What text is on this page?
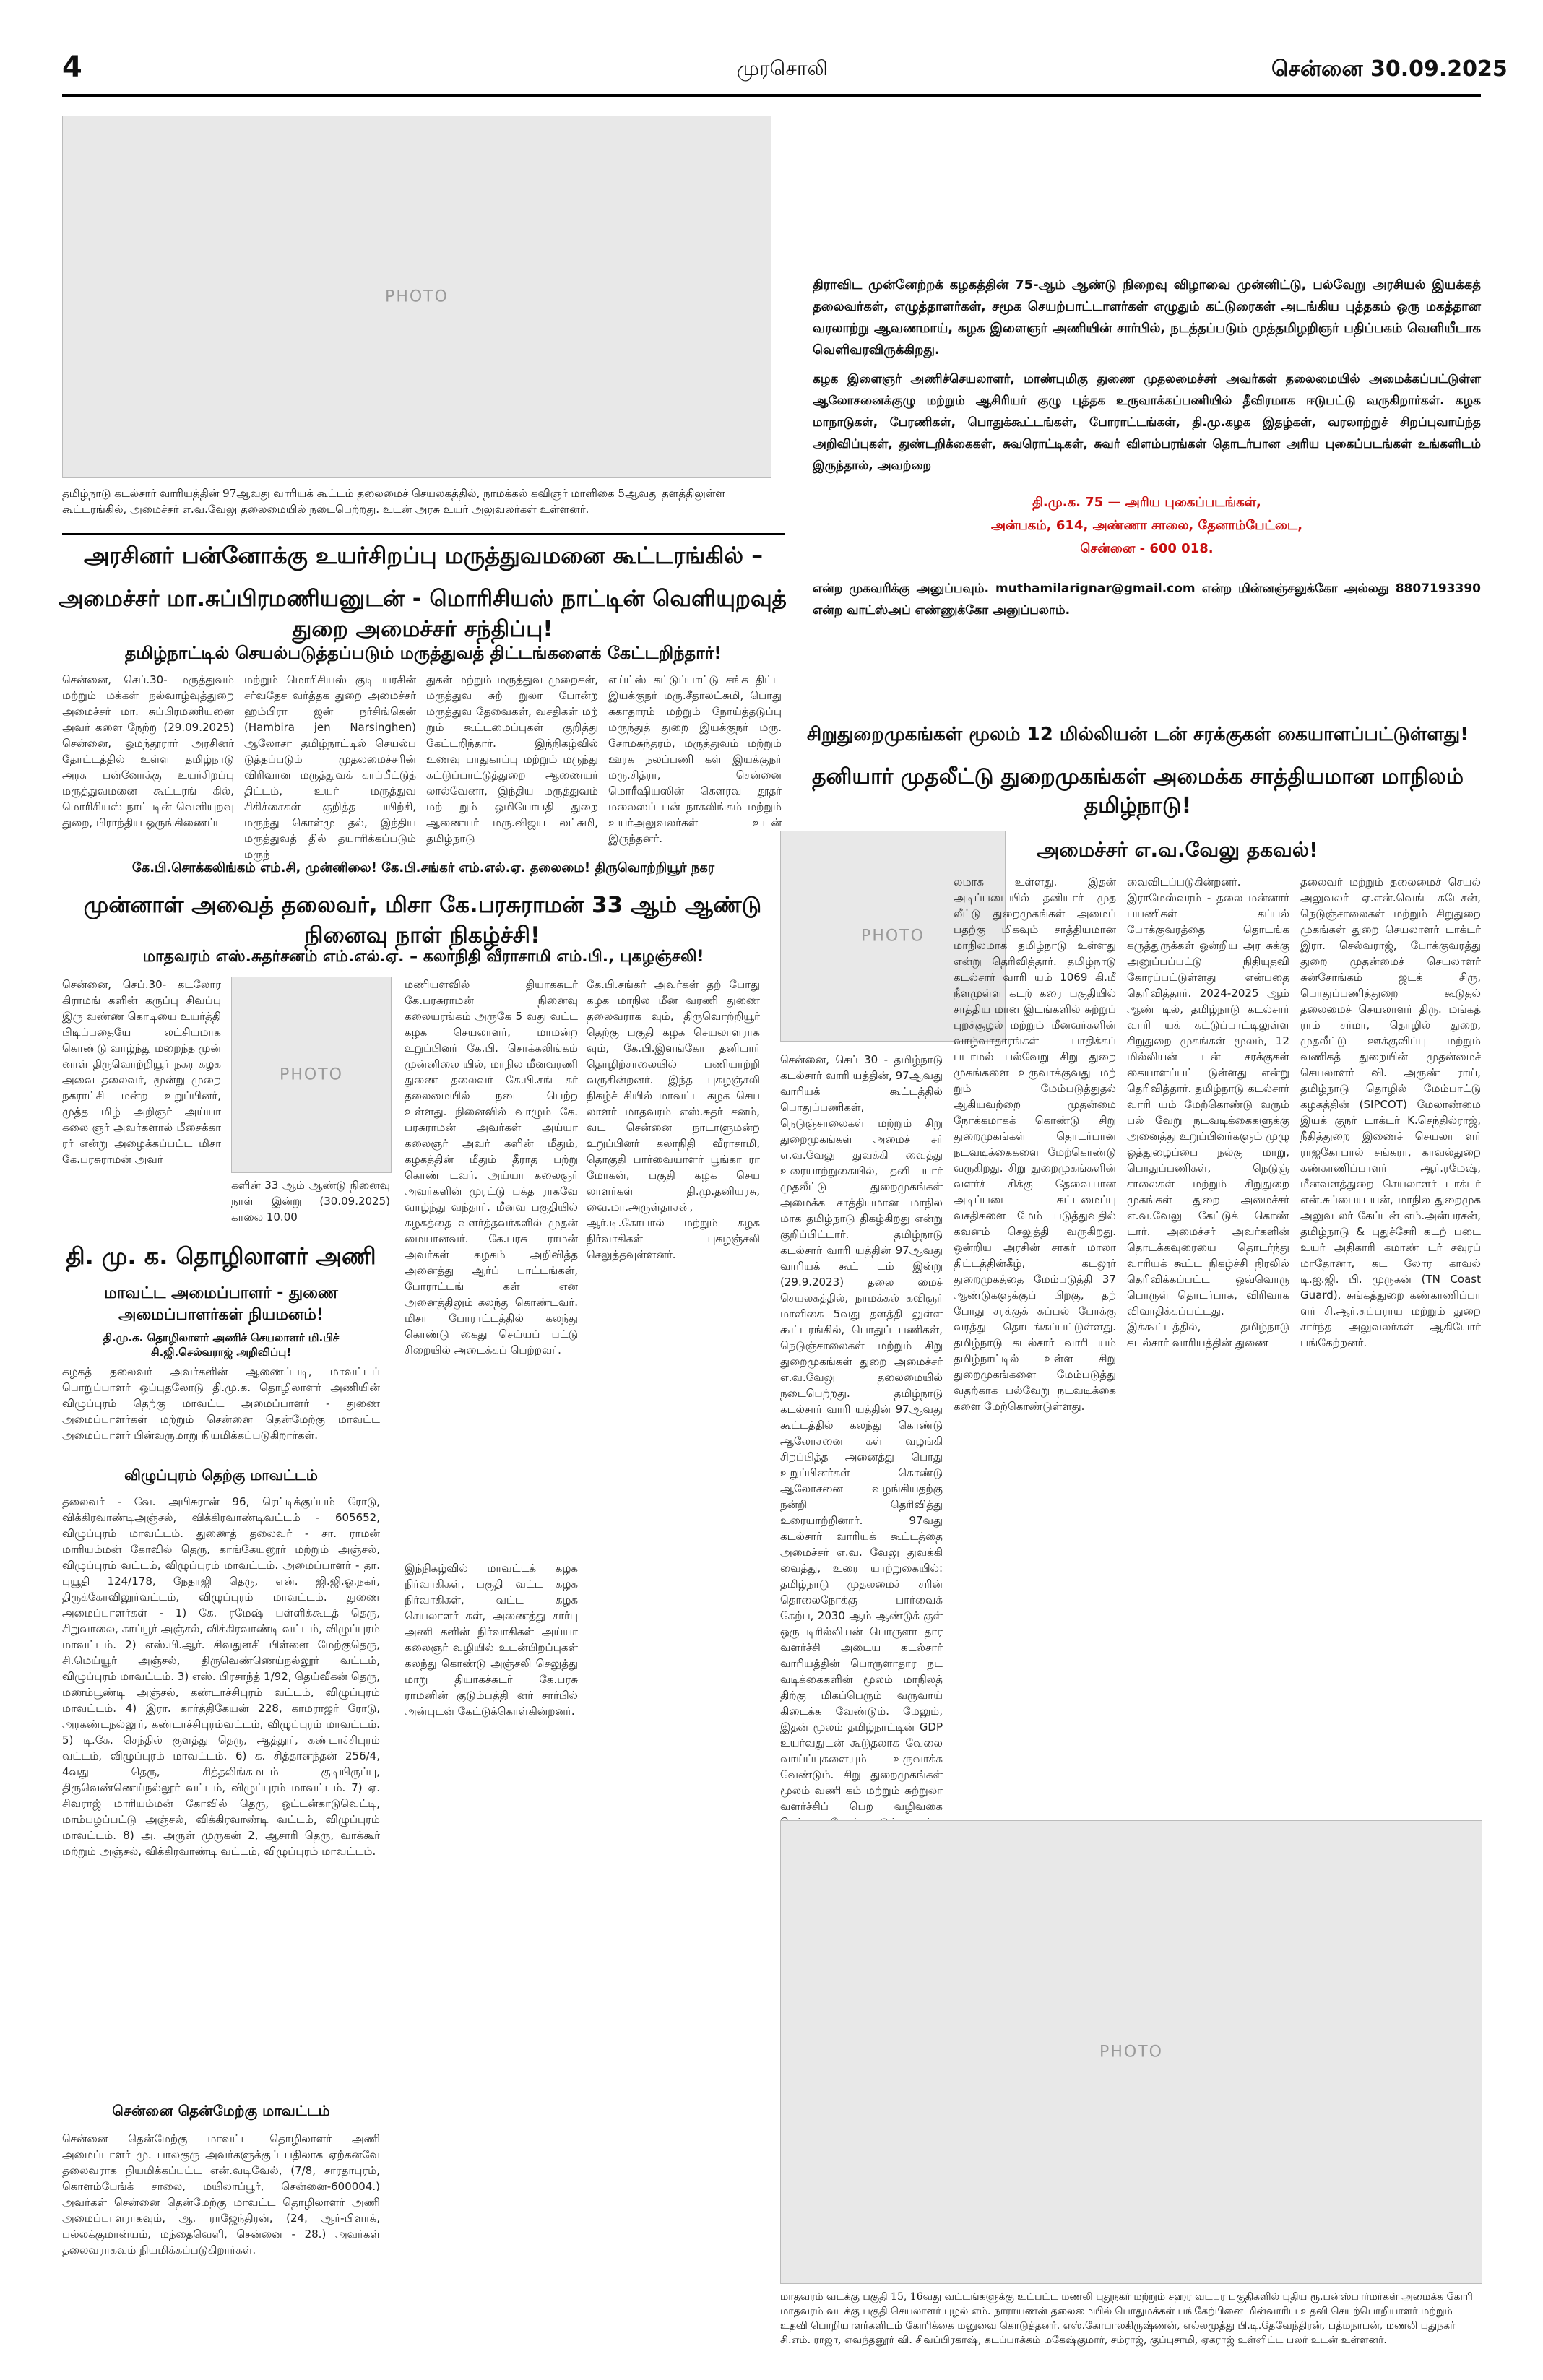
4	முரசொலி	சென்னை 30.09.2025
PHOTO
தமிழ்நாடு கடல்சார் வாரியத்தின் 97ஆவது வாரியக் கூட்டம் தலைமைச் செயலகத்தில், நாமக்கல் கவிஞர் மாளிகை 5ஆவது தளத்திலுள்ள கூட்டரங்கில், அமைச்சர் எ.வ.வேலு தலைமையில் நடைபெற்றது. உடன் அரசு உயர் அலுவலர்கள் உள்ளனர்.
திராவிட முன்னேற்றக் கழகத்தின் 75-ஆம் ஆண்டு நிறைவு விழாவை முன்னிட்டு, பல்வேறு அரசியல் இயக்கத் தலைவர்கள், எழுத்தாளர்கள், சமூக செயற்பாட்டாளர்கள் எழுதும் கட்டுரைகள் அடங்கிய புத்தகம் ஒரு மகத்தான வரலாற்று ஆவணமாய், கழக இளைஞர் அணியின் சார்பில், நடத்தப்படும் முத்தமிழறிஞர் பதிப்பகம் வெளியீடாக வெளிவரவிருக்கிறது.
கழக இளைஞர் அணிச்செயலாளர், மாண்புமிகு துணை முதலமைச்சர் அவர்கள் தலைமையில் அமைக்கப்பட்டுள்ள ஆலோசனைக்குழு மற்றும் ஆசிரியர் குழு புத்தக உருவாக்கப்பணியில் தீவிரமாக ஈடுபட்டு வருகிறார்கள். கழக மாநாடுகள், பேரணிகள், பொதுக்கூட்டங்கள், போராட்டங்கள், தி.மு.கழக இதழ்கள், வரலாற்றுச் சிறப்புவாய்ந்த அறிவிப்புகள், துண்டறிக்கைகள், சுவரொட்டிகள், சுவர் விளம்பரங்கள் தொடர்பான அரிய புகைப்படங்கள் உங்களிடம் இருந்தால், அவற்றை
தி.மு.க. 75 — அரிய புகைப்படங்கள்,
அன்பகம், 614, அண்ணா சாலை, தேனாம்பேட்டை,
சென்னை - 600 018.
என்ற முகவரிக்கு அனுப்பவும். muthamilarignar@gmail.com என்ற மின்னஞ்சலுக்கோ அல்லது 8807193390 என்ற வாட்ஸ்அப் எண்ணுக்கோ அனுப்பலாம்.
அரசினர் பன்னோக்கு உயர்சிறப்பு மருத்துவமனை கூட்டரங்கில் –
அமைச்சர் மா.சுப்பிரமணியனுடன் - மொரிசியஸ் நாட்டின் வெளியுறவுத் துறை அமைச்சர் சந்திப்பு!
தமிழ்நாட்டில் செயல்படுத்தப்படும் மருத்துவத் திட்டங்களைக் கேட்டறிந்தார்!
சென்னை, செப்.30- மருத்துவம் மற்றும் மக்கள் நல்வாழ்வுத்துறை அமைச்சர் மா. சுப்பிரமணியனை அவர் களை நேற்று (29.09.2025) சென்னை, ஓமந்தூரார் அரசினர் தோட்டத்தில் உள்ள தமிழ்நாடு அரசு பன்னோக்கு உயர்சிறப்பு மருத்துவமனை கூட்டரங் கில், மொரிசியஸ் நாட் டின் வெளியுறவு துறை, பிராந்திய ஒருங்கிணைப்பு
மற்றும் மொரிசியஸ் குடி யரசின் சர்வதேச வர்த்தக துறை அமைச்சர் ஹம்பிரா ஜன் நர்சிங்கென் (Hambira jen Narsinghen) ஆலோசா தமிழ்நாட்டில் செயல்ப டுத்தப்படும் முதலமைச்சரின் விரிவான மருத்துவக் காப்பீட்டுத் திட்டம், உயர் மருத்துவ சிகிச்சைகள் குறித்த பயிற்சி, மருந்து கொள்மு தல், இந்திய மருத்துவத் தில் தயாரிக்கப்படும் மருந்
துகள் மற்றும் மருத்துவ முறைகள், மருத்துவ சுற் றுலா போன்ற மருத்துவ தேவைகள், வசதிகள் மற் றும் கூட்டமைப்புகள் குறித்து கேட்டறிந்தார். இந்நிகழ்வில் உணவு பாதுகாப்பு மற்றும் மருந்து கட்டுப்பாட்டுத்துறை ஆணையர் லால்வேனா, இந்திய மருத்துவம் மற் றும் ஓமியோபதி துறை ஆணையர் மரு.விஜய லட்சுமி, தமிழ்நாடு
எய்ட்ஸ் கட்டுப்பாட்டு சங்க திட்ட இயக்குநர் மரு.சீதாலட்சுமி, பொது சுகாதாரம் மற்றும் நோய்த்தடுப்பு மருந்துத் துறை இயக்குநர் மரு. சோமசுந்தரம், மருத்துவம் மற்றும் ஊரக நலப்பணி கள் இயக்குநர் மரு.சித்ரா, சென்னை மொரீஷியஸின் கெளரவ தூதர் மலைஸப் பன் நாகலிங்கம் மற்றும் உயர்அலுவலர்கள் உடன் இருந்தனர்.
கே.பி.சொக்கலிங்கம் எம்.சி, முன்னிலை! கே.பி.சங்கர் எம்.எல்.ஏ. தலைமை! திருவொற்றியூர் நகர
முன்னாள் அவைத் தலைவர், மிசா கே.பரசுராமன் 33 ஆம் ஆண்டு நினைவு நாள் நிகழ்ச்சி!
மாதவரம் எஸ்.சுதர்சனம் எம்.எல்.ஏ. – கலாநிதி வீராசாமி எம்.பி., புகழஞ்சலி!
சென்னை, செப்.30- கடலோர கிராமங் களின் கருப்பு சிவப்பு இரு வண்ண கொடியை உயர்த்தி பிடிப்பதையே லட்சியமாக கொண்டு வாழ்ந்து மறைந்த முன் னாள் திருவொற்றியூர் நகர கழக அவை தலைவர், மூன்று முறை நகராட்சி மன்ற உறுப்பினர், முத்த மிழ் அறிஞர் அய்யா கலை ஞர் அவர்களால் மீசைக்கா ரர் என்று அழைக்கப்பட்ட மிசா கே.பரசுராமன் அவர்
PHOTO
களின் 33 ஆம் ஆண்டு நினைவு நாள் இன்று (30.09.2025) காலை 10.00
மணியளவில் தியாகசுடர் கே.பரசுராமன் நினைவு கலையரங்கம் அருகே 5 வது வட்ட கழக செயலாளர், மாமன்ற உறுப்பினர் கே.பி. சொக்கலிங்கம் முன்னிலை யில், மாநில மீனவரணி துணை தலைவர் கே.பி.சங் கர் தலைமையில் நடை பெற்ற உள்ளது. நினைவில் வாழும் கே. பரசுராமன் அவர்கள் அய்யா கலைஞர் அவர் களின் மீதும், கழகத்தின் மீதும் தீராத பற்று கொண் டவர். அய்யா கலைஞர் அவர்களின் முரட்டு பக்த ராகவே வாழ்ந்து வந்தார். மீனவ பகுதியில் கழகத்தை வளர்த்தவர்களில் முதன் மையானவர். கே.பரசு ராமன் அவர்கள் கழகம் அறிவித்த அனைத்து ஆர்ப் பாட்டங்கள், போராட்டங் கள் என அனைத்திலும் கலந்து கொண்டவர். மிசா போராட்டத்தில் கலந்து கொண்டு கைது செய்யப் பட்டு சிறையில் அடைக்கப் பெற்றவர்.
கே.பி.சங்கர் அவர்கள் தற் போது கழக மாநில மீன வரணி துணை தலைவராக வும், திருவொற்றியூர் தெற்கு பகுதி கழக செயலாளராக வும், கே.பி.இளங்கோ தனியார் தொழிற்சாலையில் பணியாற்றி வருகின்றனர். இந்த புகழஞ்சலி நிகழ்ச் சியில் மாவட்ட கழக செய லாளர் மாதவரம் எஸ்.சுதர் சனம், வட சென்னை நாடாளுமன்ற உறுப்பினர் கலாநிதி வீராசாமி, தொகுதி பார்வையாளர் பூங்கா ரா மோகன், பகுதி கழக செய லாளர்கள் தி.மு.தனியரசு, வை.மா.அருள்தாசன், ஆர்.டி.கோபால் மற்றும் கழக நிர்வாகிகள் புகழஞ்சலி செலுத்தவுள்ளனர்.
இந்நிகழ்வில் மாவட்டக் கழக நிர்வாகிகள், பகுதி வட்ட கழக நிர்வாகிகள், வட்ட கழக செயலாளர் கள், அணைத்து சார்பு அணி களின் நிர்வாகிகள் அய்யா கலைஞர் வழியில் உடன்பிறப்புகள் கலந்து கொண்டு அஞ்சலி செலுத்து மாறு தியாகச்சுடர் கே.பரசு ராமனின் குடும்பத்தி னர் சார்பில் அன்புடன் கேட்டுக்கொள்கின்றனர்.
தி. மு. க. தொழிலாளர் அணி
மாவட்ட அமைப்பாளர் - துணை அமைப்பாளர்கள் நியமனம்!
தி.மு.க. தொழிலாளர் அணிச் செயலாளர் மி.பிச் சி.ஜி.செல்வராஜ் அறிவிப்பு!
கழகத் தலைவர் அவர்களின் ஆணைப்படி, மாவட்டப் பொறுப்பாளர் ஒப்புதலோடு தி.மு.க. தொழிலாளர் அணியின் விழுப்புரம் தெற்கு மாவட்ட அமைப்பாளர் - துணை அமைப்பாளர்கள் மற்றும் சென்னை தென்மேற்கு மாவட்ட அமைப்பாளர் பின்வருமாறு நியமிக்கப்படுகிறார்கள்.
விழுப்புரம் தெற்கு மாவட்டம்
தலைவர் - வே. அபிசுரான் 96, ரெட்டிக்குப்பம் ரோடு, விக்கிரவாண்டிஅஞ்சல், விக்கிரவாண்டிவட்டம் - 605652, விழுப்புரம் மாவட்டம். துணைத் தலைவர் - சா. ராமன் மாரியம்மன் கோவில் தெரு, காங்கேயனூர் மற்றும் அஞ்சல், விழுப்புரம் வட்டம், விழுப்புரம் மாவட்டம். அமைப்பாளர் - தா. புயூதி 124/178, நேதாஜி தெரு, என். ஜி.ஜி.ஓ.நகர், திருக்கோவிலூர்வட்டம், விழுப்புரம் மாவட்டம். துணை அமைப்பாளர்கள் - 1) கே. ரமேஷ் பள்ளிக்கூடத் தெரு, சிறுவாலை, காப்பூர் அஞ்சல், விக்கிரவாண்டி வட்டம், விழுப்புரம் மாவட்டம். 2) எஸ்.பி.ஆர். சிவதுளசி பிள்ளை மேற்குதெரு, சி.மெய்யூர் அஞ்சல், திருவெண்ணெய்நல்லூர் வட்டம், விழுப்புரம் மாவட்டம். 3) எஸ். பிரசாந்த் 1/92, தெய்வீகன் தெரு, மணம்பூண்டி அஞ்சல், கண்டாச்சிபுரம் வட்டம், விழுப்புரம் மாவட்டம். 4) இரா. கார்த்திகேயன் 228, காமராஜர் ரோடு, அரகண்டநல்லூர், கண்டாச்சிபுரம்வட்டம், விழுப்புரம் மாவட்டம். 5) டி.கே. செந்தில் குளத்து தெரு, ஆத்தூர், கண்டாச்சிபுரம் வட்டம், விழுப்புரம் மாவட்டம். 6) க. சித்தானந்தன் 256/4, 4வது தெரு, சித்தலிங்கமடம் குடியிருப்பு, திருவெண்ணெய்நல்லூர் வட்டம், விழுப்புரம் மாவட்டம். 7) ஏ. சிவராஜ் மாரியம்மன் கோவில் தெரு, ஒட்டன்காடுவெட்டி, மாம்பழப்பட்டு அஞ்சல், விக்கிரவாண்டி வட்டம், விழுப்புரம் மாவட்டம். 8) அ. அருள் முருகன் 2, ஆசாரி தெரு, வாக்கூர் மற்றும் அஞ்சல், விக்கிரவாண்டி வட்டம், விழுப்புரம் மாவட்டம்.
சென்னை தென்மேற்கு மாவட்டம்
சென்னை தென்மேற்கு மாவட்ட தொழிலாளர் அணி அமைப்பாளர் மு. பாலகுரு அவர்களுக்குப் பதிலாக ஏற்கனவே தலைவராக நியமிக்கப்பட்ட என்.வடிவேல், (7/8, சாரதாபுரம், கொளம்பேங்க் சாலை, மயிலாப்பூர், சென்னை-600004.) அவர்கள் சென்னை தென்மேற்கு மாவட்ட தொழிலாளர் அணி அமைப்பாளராகவும், ஆ. ராஜேந்திரன், (24, ஆர்-பிளாக், பல்லக்குமான்யம், மந்தைவெளி, சென்னை - 28.) அவர்கள் தலைவராகவும் நியமிக்கப்படுகிறார்கள்.
சிறுதுறைமுகங்கள் மூலம் 12 மில்லியன் டன் சரக்குகள் கையாளப்பட்டுள்ளது!
தனியார் முதலீட்டு துறைமுகங்கள் அமைக்க சாத்தியமான மாநிலம் தமிழ்நாடு!
PHOTO
அமைச்சர் எ.வ.வேலு தகவல்!
சென்னை, செப் 30 - தமிழ்நாடு கடல்சார் வாரி யத்தின், 97ஆவது வாரியக் கூட்டத்தில் பொதுப்பணிகள், நெடுஞ்சாலைகள் மற்றும் சிறு துறைமுகங்கள் அமைச் சர் எ.வ.வேலு துவக்கி வைத்து உரையாற்றுகையில், தனி யார் முதலீட்டு துறைமுகங்கள் அமைக்க சாத்தியமான மாநில மாக தமிழ்நாடு திகழ்கிறது என்று குறிப்பிட்டார். தமிழ்நாடு கடல்சார் வாரி யத்தின் 97ஆவது வாரியக் கூட் டம் இன்று (29.9.2023) தலை மைச் செயலகத்தில், நாமக்கல் கவிஞர் மாளிகை 5வது தளத்தி லுள்ள கூட்டரங்கில், பொதுப் பணிகள், நெடுஞ்சாலைகள் மற்றும் சிறு துறைமுகங்கள் துறை அமைச்சர் எ.வ.வேலு தலைமையில் நடைபெற்றது. தமிழ்நாடு கடல்சார் வாரி யத்தின் 97ஆவது கூட்டத்தில் கலந்து கொண்டு ஆலோசனை கள் வழங்கி சிறப்பித்த அனைத்து பொது உறுப்பினர்கள் கொண்டு ஆலோசனை வழங்கியதற்கு நன்றி தெரிவித்து உரையாற்றினார். 97வது கடல்சார் வாரியக் கூட்டத்தை அமைச்சர் எ.வ. வேலு துவக்கி வைத்து, உரை யாற்றுகையில்: தமிழ்நாடு முதலமைச் சரின் தொலைநோக்கு பார்வைக் கேற்ப, 2030 ஆம் ஆண்டுக் குள் ஒரு டிரில்லியன் பொருளா தார வளர்ச்சி அடைய கடல்சார் வாரியத்தின் பொருளாதார நட வடிக்கைகளின் மூலம் மாநிலத் திற்கு மிகப்பெரும் வருவாய் கிடைக்க வேண்டும். மேலும், இதன் மூலம் தமிழ்நாட்டின் GDP உயர்வதுடன் கூடுதலாக வேலை வாய்ப்புகளையும் உருவாக்க வேண்டும். சிறு துறைமுகங்கள் மூலம் வணி கம் மற்றும் சுற்றுலா வளர்ச்சிப் பெற வழிவகை
லமாக உள்ளது. இதன் அடிப்படையில் தனியார் முத லீட்டு துறைமுகங்கள் அமைப் பதற்கு மிகவும் சாத்தியமான மாநிலமாக தமிழ்நாடு உள்ளது என்று தெரிவித்தார். தமிழ்நாடு கடல்சார் வாரி யம் 1069 கி.மீ நீளமுள்ள கடற் கரை பகுதியில் சாத்திய மான இடங்களில் சுற்றுப் புறச்சூழல் மற்றும் மீனவர்களின் வாழ்வாதாரங்கள் பாதிக்கப் படாமல் பல்வேறு சிறு துறை முகங்களை உருவாக்குவது மற் றும் மேம்படுத்துதல் ஆகியவற்றை முதன்மை நோக்கமாகக் கொண்டு சிறு துறைமுகங்கள் தொடர்பான நடவடிக்கைகளை மேற்கொண்டு வருகிறது. சிறு துறைமுகங்களின் வளர்ச் சிக்கு தேவையான அடிப்படை கட்டமைப்பு வசதிகளை மேம் படுத்துவதில் கவனம் செலுத்தி வருகிறது. ஒன்றிய அரசின் சாகர் மாலா திட்டத்தின்கீழ், கடலூர் துறைமுகத்தை மேம்படுத்தி 37 ஆண்டுகளுக்குப் பிறகு, தற் போது சரக்குக் கப்பல் போக்கு வரத்து தொடங்கப்பட்டுள்ளது. தமிழ்நாடு கடல்சார் வாரி யம் தமிழ்நாட்டில் உள்ள சிறு துறைமுகங்களை மேம்படுத்து வதற்காக பல்வேறு நடவடிக்கை களை மேற்கொண்டுள்ளது.
வைவிடப்படுகின்றனர். இராமேஸ்வரம் - தலை மன்னார் பயணிகள் கப்பல் போக்குவரத்தை தொடங்க கருத்துருக்கள் ஒன்றிய அர சுக்கு அனுப்பப்பட்டு நிதியுதவி கோரப்பட்டுள்ளது என்பதை தெரிவித்தார். 2024-2025 ஆம் ஆண் டில், தமிழ்நாடு கடல்சார் வாரி யக் கட்டுப்பாட்டிலுள்ள சிறுதுறை முகங்கள் மூலம், 12 மில்லியன் டன் சரக்குகள் கையாளப்பட் டுள்ளது என்று தெரிவித்தார். தமிழ்நாடு கடல்சார் வாரி யம் மேற்கொண்டு வரும் பல் வேறு நடவடிக்கைகளுக்கு அனைத்து உறுப்பினர்களும் முழு ஒத்துழைப்பை நல்கு மாறு, பொதுப்பணிகள், நெடுஞ் சாலைகள் மற்றும் சிறுதுறை முகங்கள் துறை அமைச்சர் எ.வ.வேலு கேட்டுக் கொண் டார். அமைச்சர் அவர்களின் தொடக்கவுரையை தொடர்ந்து வாரியக் கூட்ட நிகழ்ச்சி நிரலில் தெரிவிக்கப்பட்ட ஒவ்வொரு பொருள் தொடர்பாக, விரிவாக விவாதிக்கப்பட்டது. இக்கூட்டத்தில், தமிழ்நாடு கடல்சார் வாரியத்தின் துணை
தலைவர் மற்றும் தலைமைச் செயல் அலுவலர் ஏ.என்.வெங் கடேசன், நெடுஞ்சாலைகள் மற்றும் சிறுதுறை முகங்கள் துறை செயலாளர் டாக்டர் இரா. செல்வராஜ், போக்குவரத்து துறை முதன்மைச் செயலாளர் சுன்சோங்கம் ஜடக் சிரு, பொதுப்பணித்துறை கூடுதல் தலைமைச் செயலாளர் திரு. மங்கத் ராம் சர்மா, தொழில் துறை, முதலீட்டு ஊக்குவிப்பு மற்றும் வணிகத் துறையின் முதன்மைச் செயலாளர் வி. அருண் ராய், தமிழ்நாடு தொழில் மேம்பாட்டு கழகத்தின் (SIPCOT) மேலாண்மை இயக் குநர் டாக்டர் K.செந்தில்ராஜ், நீதித்துறை இணைச் செயலா ளர் ராஜகோபால் சங்கரா, காவல்துறை கண்காணிப்பாளர் ஆர்.ரமேஷ், மீனவளத்துறை செயலாளர் டாக்டர் என்.சுப்பைய யன், மாநில துறைமுக அலுவ லர் கேப்டன் எம்.அன்பரசன், தமிழ்நாடு & புதுச்சேரி கடற் படை உயர் அதிகாரி கமாண் டர் சவுரப் மாதோனா, கட லோர காவல் டி.ஐ.ஜி. பி. முருகன் (TN Coast Guard), சுங்கத்துறை கண்காணிப்பா ளர் சி.ஆர்.சுப்பராய மற்றும் துறை சார்ந்த அலுவலர்கள் ஆகியோர் பங்கேற்றனர்.
PHOTO
மாதவரம் வடக்கு பகுதி 15, 16வது வட்டங்களுக்கு உட்பட்ட மணலி புதுநகர் மற்றும் சஹர வடபர பகுதிகளில் புதிய ரூ.பன்ஸ்பார்மர்கள் அமைக்க கோரி மாதவரம் வடக்கு பகுதி செயலாளர் புழல் எம். நாராயணன் தலைமையில் பொதுமக்கள் பங்கேற்பினை மின்வாரிய உதவி செயற்பொறியாளர் மற்றும் உதவி பொறியாளர்களிடம் கோரிக்கை மனுவை கொடுத்தனர். எஸ்.கோபாலகிருஷ்ணன், எல்லமுத்து பி.டி.தேவேந்திரன், பத்மநாபன், மணலி புதுநகர் சி.எம். ராஜா, எவந்தனூர் வி. சிவப்பிரகாஷ், கடப்பாக்கம் மகேஷ்குமார், சம்ராஜ், குப்புசாமி, ஏகராஜ் உள்ளிட்ட பலர் உடன் உள்ளனர்.
